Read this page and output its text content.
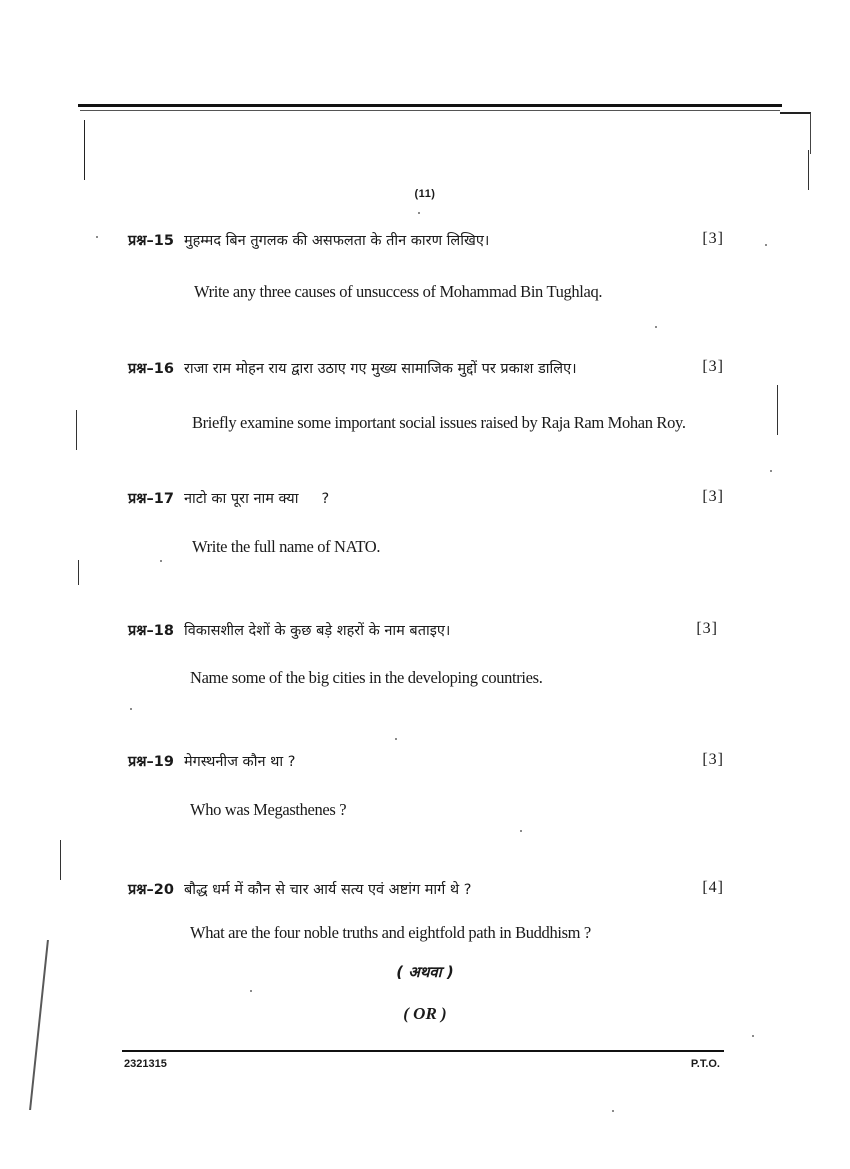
(11)
प्रश्न–15 मुहम्मद बिन तुगलक की असफलता के तीन कारण लिखिए।	[3]
Write any three causes of unsuccess of Mohammad Bin Tughlaq.
प्रश्न–16 राजा राम मोहन राय द्वारा उठाए गए मुख्य सामाजिक मुद्दों पर प्रकाश डालिए।	[3]
Briefly examine some important social issues raised by Raja Ram Mohan Roy.
प्रश्न–17 नाटो का पूरा नाम क्या     ?	[3]
Write the full name of NATO.
प्रश्न–18 विकासशील देशों के कुछ बड़े शहरों के नाम बताइए।	[3]
Name some of the big cities in the developing countries.
प्रश्न–19 मेगस्थनीज कौन था ?	[3]
Who was Megasthenes ?
प्रश्न–20 बौद्ध धर्म में कौन से चार आर्य सत्य एवं अष्टांग मार्ग थे ?	[4]
What are the four noble truths and eightfold path in Buddhism ?
( अथवा )
( OR )
2321315	P.T.O.
